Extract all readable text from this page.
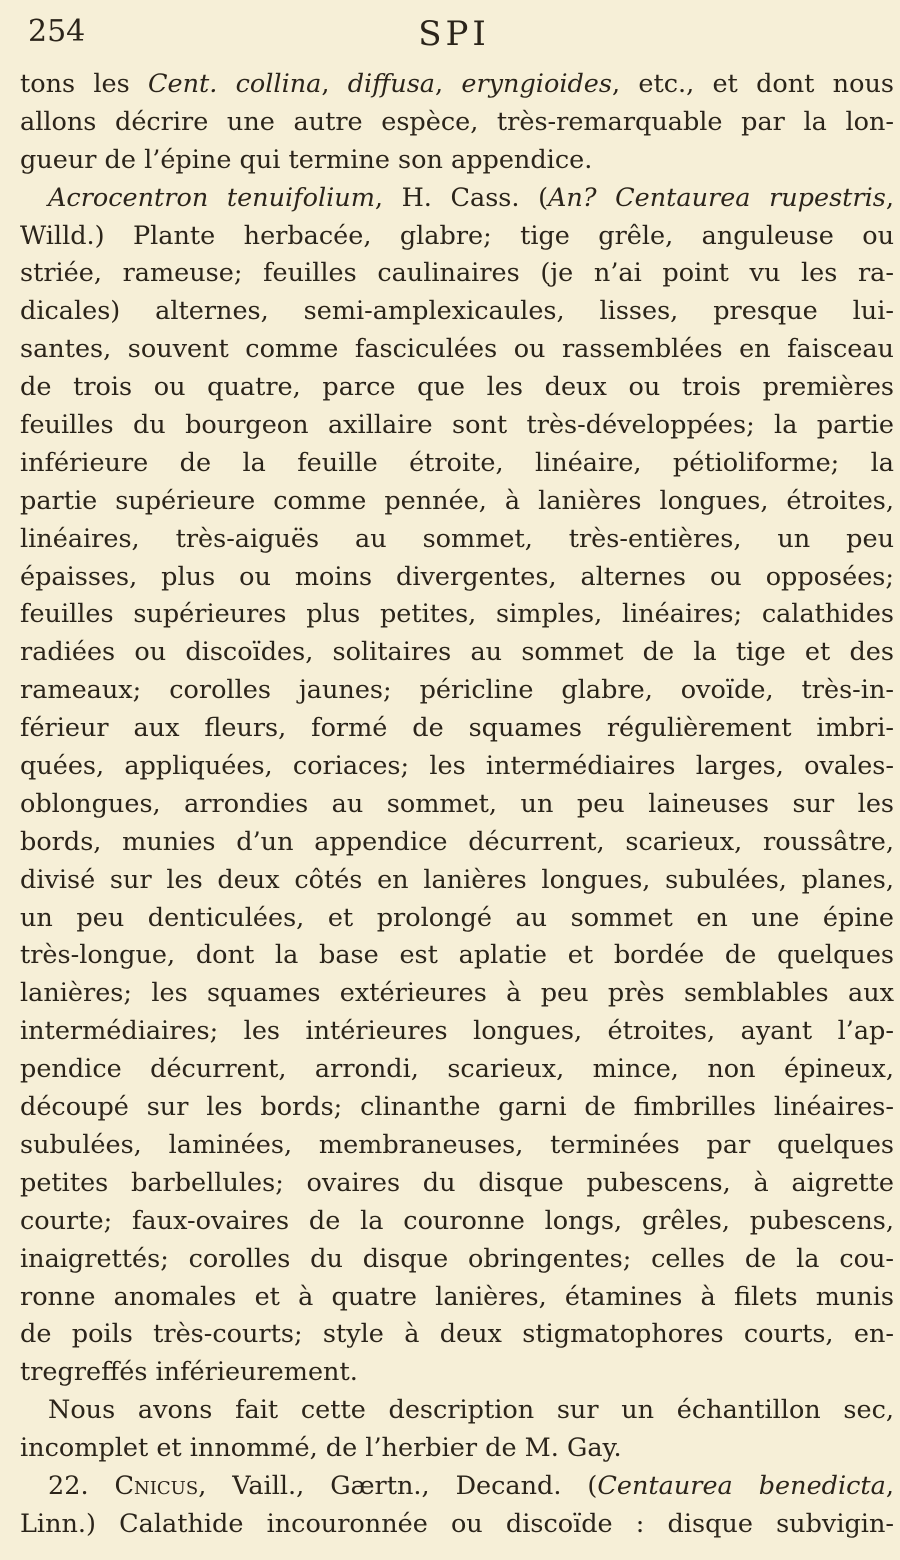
254	SPI
tons les Cent. collina, diffusa, eryngioides, etc., et dont nous
allons décrire une autre espèce, très-remarquable par la lon-
gueur de l’épine qui termine son appendice.
Acrocentron tenuifolium, H. Cass. (An? Centaurea rupestris,
Willd.) Plante herbacée, glabre; tige grêle, anguleuse ou
striée, rameuse; feuilles caulinaires (je n’ai point vu les ra-
dicales) alternes, semi-amplexicaules, lisses, presque lui-
santes, souvent comme fasciculées ou rassemblées en faisceau
de trois ou quatre, parce que les deux ou trois premières
feuilles du bourgeon axillaire sont très-développées; la partie
inférieure de la feuille étroite, linéaire, pétioliforme; la
partie supérieure comme pennée, à lanières longues, étroites,
linéaires, très-aiguës au sommet, très-entières, un peu
épaisses, plus ou moins divergentes, alternes ou opposées;
feuilles supérieures plus petites, simples, linéaires; calathides
radiées ou discoïdes, solitaires au sommet de la tige et des
rameaux; corolles jaunes; péricline glabre, ovoïde, très-in-
férieur aux fleurs, formé de squames régulièrement imbri-
quées, appliquées, coriaces; les intermédiaires larges, ovales-
oblongues, arrondies au sommet, un peu laineuses sur les
bords, munies d’un appendice décurrent, scarieux, roussâtre,
divisé sur les deux côtés en lanières longues, subulées, planes,
un peu denticulées, et prolongé au sommet en une épine
très-longue, dont la base est aplatie et bordée de quelques
lanières; les squames extérieures à peu près semblables aux
intermédiaires; les intérieures longues, étroites, ayant l’ap-
pendice décurrent, arrondi, scarieux, mince, non épineux,
découpé sur les bords; clinanthe garni de fimbrilles linéaires-
subulées, laminées, membraneuses, terminées par quelques
petites barbellules; ovaires du disque pubescens, à aigrette
courte; faux-ovaires de la couronne longs, grêles, pubescens,
inaigrettés; corolles du disque obringentes; celles de la cou-
ronne anomales et à quatre lanières, étamines à filets munis
de poils très-courts; style à deux stigmatophores courts, en-
tregreffés inférieurement.
Nous avons fait cette description sur un échantillon sec,
incomplet et innommé, de l’herbier de M. Gay.
22. Cnicus, Vaill., Gærtn., Decand. (Centaurea benedicta,
Linn.) Calathide incouronnée ou discoïde : disque subvigin-
